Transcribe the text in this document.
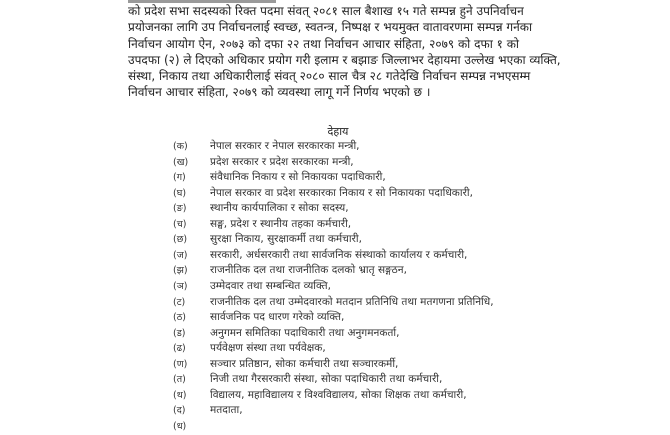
को प्रदेश सभा सदस्यको रिक्त पदमा संवत् २०८१ साल बैशाख १५ गते सम्पन्न हुने उपनिर्वाचन
प्रयोजनका लागि उप निर्वाचनलाई स्वच्छ, स्वतन्त्र, निष्पक्ष र भयमुक्त वातावरणमा सम्पन्न गर्नका
निर्वाचन आयोग ऐन, २०७३ को दफा २२ तथा निर्वाचन आचार संहिता, २०७९ को दफा १ को
उपदफा (२) ले दिएको अधिकार प्रयोग गरी इलाम र बझाङ जिल्लाभर देहायमा उल्लेख भएका व्यक्ति,
संस्था, निकाय तथा अधिकारीलाई संवत् २०८० साल चैत्र २८ गतेदेखि निर्वाचन सम्पन्न नभएसम्म
निर्वाचन आचार संहिता, २०७९ को व्यवस्था लागू गर्ने निर्णय भएको छ ।
देहाय
(क)	नेपाल सरकार र नेपाल सरकारका मन्त्री,
(ख)	प्रदेश सरकार र प्रदेश सरकारका मन्त्री,
(ग)	संवैधानिक निकाय र सो निकायका पदाधिकारी,
(घ)	नेपाल सरकार वा प्रदेश सरकारका निकाय र सो निकायका पदाधिकारी,
(ङ)	स्थानीय कार्यपालिका र सोका सदस्य,
(च)	सङ्घ, प्रदेश र स्थानीय तहका कर्मचारी,
(छ)	सुरक्षा निकाय, सुरक्षाकर्मी तथा कर्मचारी,
(ज)	सरकारी, अर्धसरकारी तथा सार्वजनिक संस्थाको कार्यालय र कर्मचारी,
(झ)	राजनीतिक दल तथा राजनीतिक दलको भ्रातृ सङ्गठन,
(ञ)	उम्मेदवार तथा सम्बन्धित व्यक्ति,
(ट)	राजनीतिक दल तथा उम्मेदवारको मतदान प्रतिनिधि तथा मतगणना प्रतिनिधि,
(ठ)	सार्वजनिक पद धारण गरेको व्यक्ति,
(ड)	अनुगमन समितिका पदाधिकारी तथा अनुगमनकर्ता,
(ढ)	पर्यवेक्षण संस्था तथा पर्यवेक्षक,
(ण)	सञ्चार प्रतिष्ठान, सोका कर्मचारी तथा सञ्चारकर्मी,
(त)	निजी तथा गैरसरकारी संस्था, सोका पदाधिकारी तथा कर्मचारी,
(थ)	विद्यालय, महाविद्यालय र विश्वविद्यालय, सोका शिक्षक तथा कर्मचारी,
(द)	मतदाता,
(ध)
